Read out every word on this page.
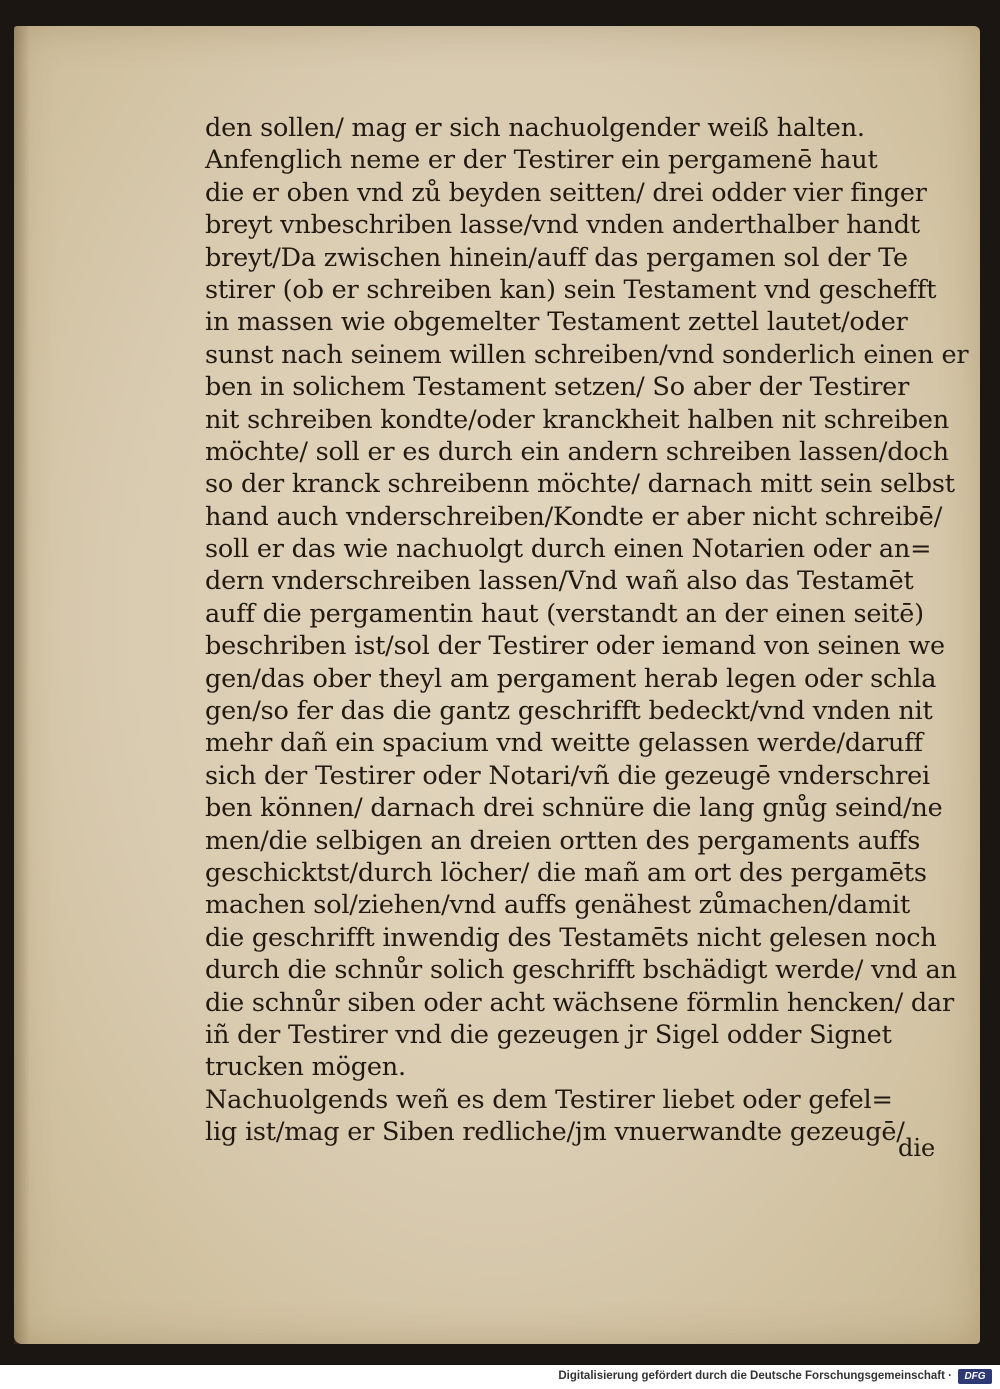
den sollen/ mag er sich nachuolgender weiß halten.
Anfenglich neme er der Testirer ein pergamenē haut
die er oben vnd zů beyden seitten/ drei odder vier finger
breyt vnbeschriben lasse/vnd vnden anderthalber handt
breyt/Da zwischen hinein/auff das pergamen sol der Te
stirer (ob er schreiben kan) sein Testament vnd geschefft
in massen wie obgemelter Testament zettel lautet/oder
sunst nach seinem willen schreiben/vnd sonderlich einen er
ben in solichem Testament setzen/ So aber der Testirer
nit schreiben kondte/oder kranckheit halben nit schreiben
möchte/ soll er es durch ein andern schreiben lassen/doch
so der kranck schreibenn möchte/ darnach mitt sein selbst
hand auch vnderschreiben/Kondte er aber nicht schreibē/
soll er das wie nachuolgt durch einen Notarien oder an=
dern vnderschreiben lassen/Vnd wañ also das Testamēt
auff die pergamentin haut (verstandt an der einen seitē)
beschriben ist/sol der Testirer oder iemand von seinen we
gen/das ober theyl am pergament herab legen oder schla
gen/so fer das die gantz geschrifft bedeckt/vnd vnden nit
mehr dañ ein spacium vnd weitte gelassen werde/daruff
sich der Testirer oder Notari/vñ die gezeugē vnderschrei
ben können/ darnach drei schnüre die lang gnůg seind/ne
men/die selbigen an dreien ortten des pergaments auffs
geschicktst/durch löcher/ die mañ am ort des pergamēts
machen sol/ziehen/vnd auffs genähest zůmachen/damit
die geschrifft inwendig des Testamēts nicht gelesen noch
durch die schnůr solich geschrifft bschädigt werde/ vnd an
die schnůr siben oder acht wächsene förmlin hencken/ dar
iñ der Testirer vnd die gezeugen jr Sigel odder Signet
trucken mögen.
Nachuolgends weñ es dem Testirer liebet oder gefel=
lig ist/mag er Siben redliche/jm vnuerwandte gezeugē/
die
Digitalisierung gefördert durch die Deutsche Forschungsgemeinschaft ·	DFG
